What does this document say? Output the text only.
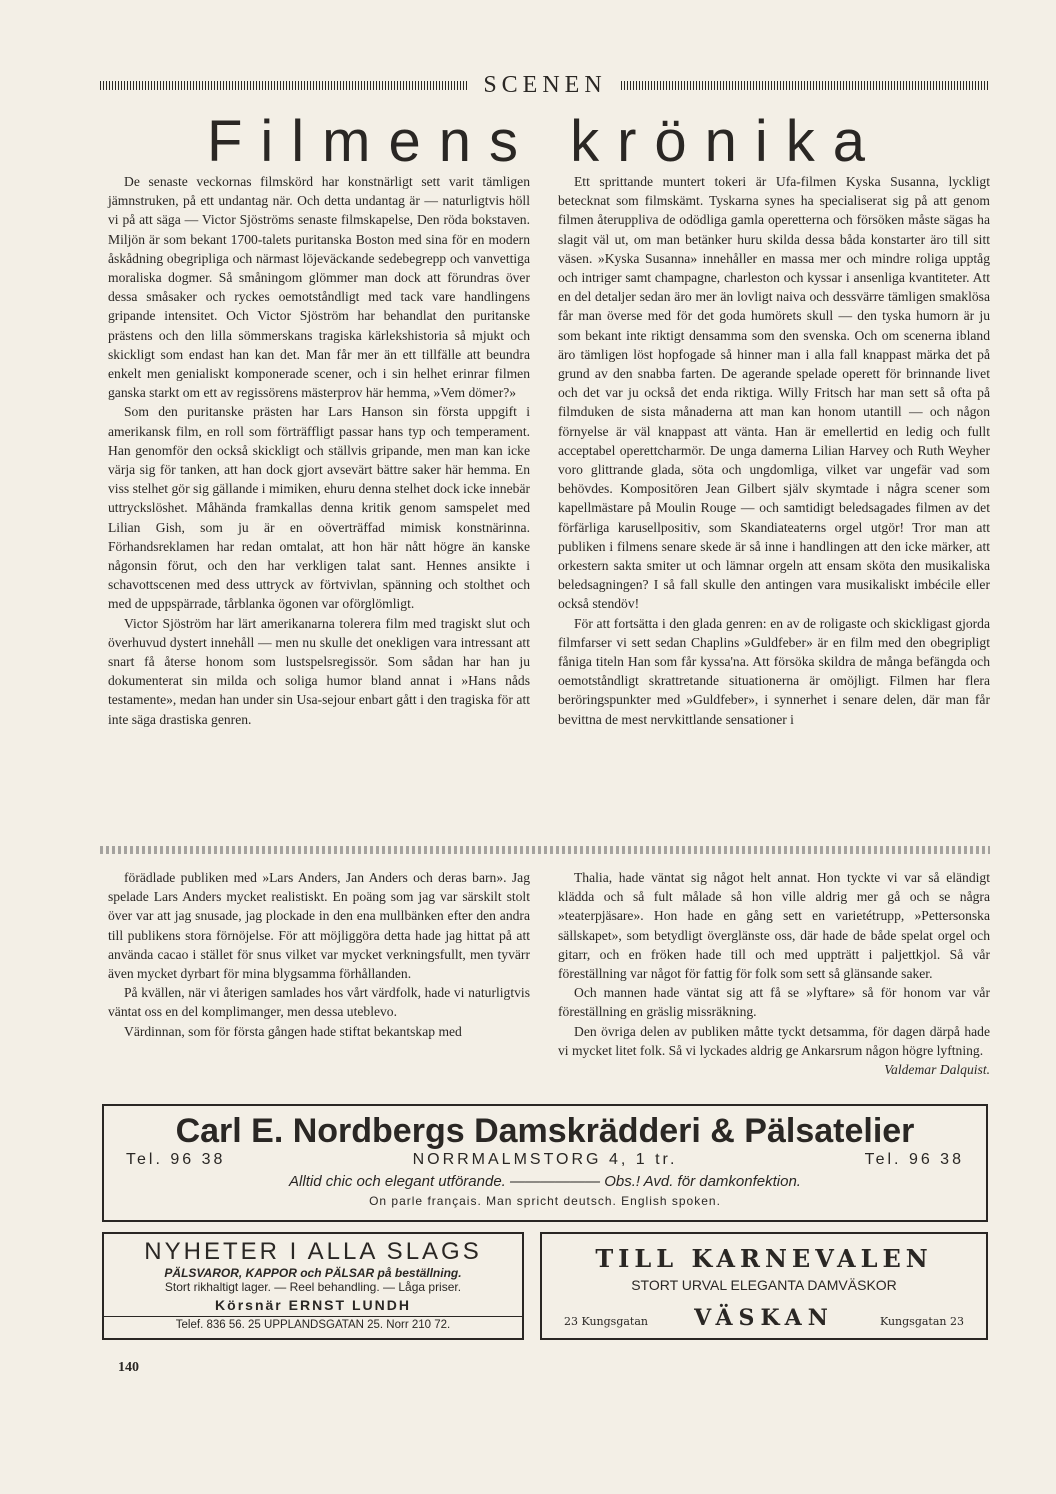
SCENEN
Filmens krönika

De senaste veckornas filmskörd har konstnärligt sett varit tämligen jämnstruken, på ett undantag när. Och detta undantag är — naturligtvis höll vi på att säga — Victor Sjöströms senaste filmskapelse, Den röda bokstaven. Miljön är som bekant 1700-talets puritanska Boston med sina för en modern åskådning obegripliga och närmast löjeväckande sedebegrepp och vanvettiga moraliska dogmer. Så småningom glömmer man dock att förundras över dessa småsaker och ryckes oemotståndligt med tack vare handlingens gripande intensitet. Och Victor Sjöström har behandlat den puritanske prästens och den lilla sömmerskans tragiska kärlekshistoria så mjukt och skickligt som endast han kan det. Man får mer än ett tillfälle att beundra enkelt men genialiskt komponerade scener, och i sin helhet erinrar filmen ganska starkt om ett av regissörens mästerprov här hemma, »Vem dömer?»

Som den puritanske prästen har Lars Hanson sin första uppgift i amerikansk film, en roll som förträffligt passar hans typ och temperament. Han genomför den också skickligt och ställvis gripande, men man kan icke värja sig för tanken, att han dock gjort avsevärt bättre saker här hemma. En viss stelhet gör sig gällande i mimiken, ehuru denna stelhet dock icke innebär uttryckslöshet. Måhända framkallas denna kritik genom samspelet med Lilian Gish, som ju är en oöverträffad mimisk konstnärinna. Förhandsreklamen har redan omtalat, att hon här nått högre än kanske någonsin förut, och den har verkligen talat sant. Hennes ansikte i schavottscenen med dess uttryck av förtvivlan, spänning och stolthet och med de uppspärrade, tårblanka ögonen var oförglömligt.

Victor Sjöström har lärt amerikanarna tolerera film med tragiskt slut och överhuvud dystert innehåll — men nu skulle det onekligen vara intressant att snart få återse honom som lustspelsregissör. Som sådan har han ju dokumenterat sin milda och soliga humor bland annat i »Hans nåds testamente», medan han under sin Usa-sejour enbart gått i den tragiska för att inte säga drastiska genren.

Ett sprittande muntert tokeri är Ufa-filmen Kyska Susanna, lyckligt betecknat som filmskämt. Tyskarna synes ha specialiserat sig på att genom filmen återuppliva de odödliga gamla operetterna och försöken måste sägas ha slagit väl ut, om man betänker huru skilda dessa båda konstarter äro till sitt väsen. »Kyska Susanna» innehåller en massa mer och mindre roliga upptåg och intriger samt champagne, charleston och kyssar i ansenliga kvantiteter. Att en del detaljer sedan äro mer än lovligt naiva och dessvärre tämligen smaklösa får man överse med för det goda humörets skull — den tyska humorn är ju som bekant inte riktigt densamma som den svenska. Och om scenerna ibland äro tämligen löst hopfogade så hinner man i alla fall knappast märka det på grund av den snabba farten. De agerande spelade operett för brinnande livet och det var ju också det enda riktiga. Willy Fritsch har man sett så ofta på filmduken de sista månaderna att man kan honom utantill — och någon förnyelse är väl knappast att vänta. Han är emellertid en ledig och fullt acceptabel operettcharmör. De unga damerna Lilian Harvey och Ruth Weyher voro glittrande glada, söta och ungdomliga, vilket var ungefär vad som behövdes. Kompositören Jean Gilbert själv skymtade i några scener som kapellmästare på Moulin Rouge — och samtidigt beledsagades filmen av det förfärliga karusellpositiv, som Skandiateaterns orgel utgör! Tror man att publiken i filmens senare skede är så inne i handlingen att den icke märker, att orkestern sakta smiter ut och lämnar orgeln att ensam sköta den musikaliska beledsagningen? I så fall skulle den antingen vara musikaliskt imbécile eller också stendöv!

För att fortsätta i den glada genren: en av de roligaste och skickligast gjorda filmfarser vi sett sedan Chaplins »Guldfeber» är en film med den obegripligt fåniga titeln Han som får kyssa'na. Att försöka skildra de många befängda och oemotståndligt skrattretande situationerna är omöjligt. Filmen har flera beröringspunkter med »Guldfeber», i synnerhet i senare delen, där man får bevittna de mest nervkittlande sensationer i

förädlade publiken med »Lars Anders, Jan Anders och deras barn». Jag spelade Lars Anders mycket realistiskt. En poäng som jag var särskilt stolt över var att jag snusade, jag plockade in den ena mullbänken efter den andra till publikens stora förnöjelse. För att möjliggöra detta hade jag hittat på att använda cacao i stället för snus vilket var mycket verkningsfullt, men tyvärr även mycket dyrbart för mina blygsamma förhållanden.

På kvällen, när vi återigen samlades hos vårt värdfolk, hade vi naturligtvis väntat oss en del komplimanger, men dessa uteblevo.

Värdinnan, som för första gången hade stiftat bekantskap med

Thalia, hade väntat sig något helt annat. Hon tyckte vi var så eländigt klädda och så fult målade så hon ville aldrig mer gå och se några »teaterpjäsare». Hon hade en gång sett en varietétrupp, »Pettersonska sällskapet», som betydligt överglänste oss, där hade de både spelat orgel och gitarr, och en fröken hade till och med uppträtt i paljettkjol. Så vår föreställning var något för fattig för folk som sett så glänsande saker.

Och mannen hade väntat sig att få se »lyftare» så för honom var vår föreställning en gräslig missräkning.

Den övriga delen av publiken måtte tyckt detsamma, för dagen därpå hade vi mycket litet folk. Så vi lyckades aldrig ge Ankarsrum någon högre lyftning.
Valdemar Dalquist.

Carl E. Nordbergs Damskrädderi & Pälsatelier
Tel. 96 38	NORRMALMSTORG 4, 1 tr.	Tel. 96 38
Alltid chic och elegant utförande. —————— Obs.! Avd. för damkonfektion.
On parle français. Man spricht deutsch. English spoken.
NYHETER I ALLA SLAGS
PÄLSVAROR, KAPPOR och PÄLSAR på beställning.
Stort rikhaltigt lager. — Reel behandling. — Låga priser.
Körsnär ERNST LUNDH
Telef. 836 56. 25 UPPLANDSGATAN 25. Norr 210 72.
TILL KARNEVALEN
STORT URVAL ELEGANTA DAMVÄSKOR
23 Kungsgatan VÄSKAN	Kungsgatan 23
140
